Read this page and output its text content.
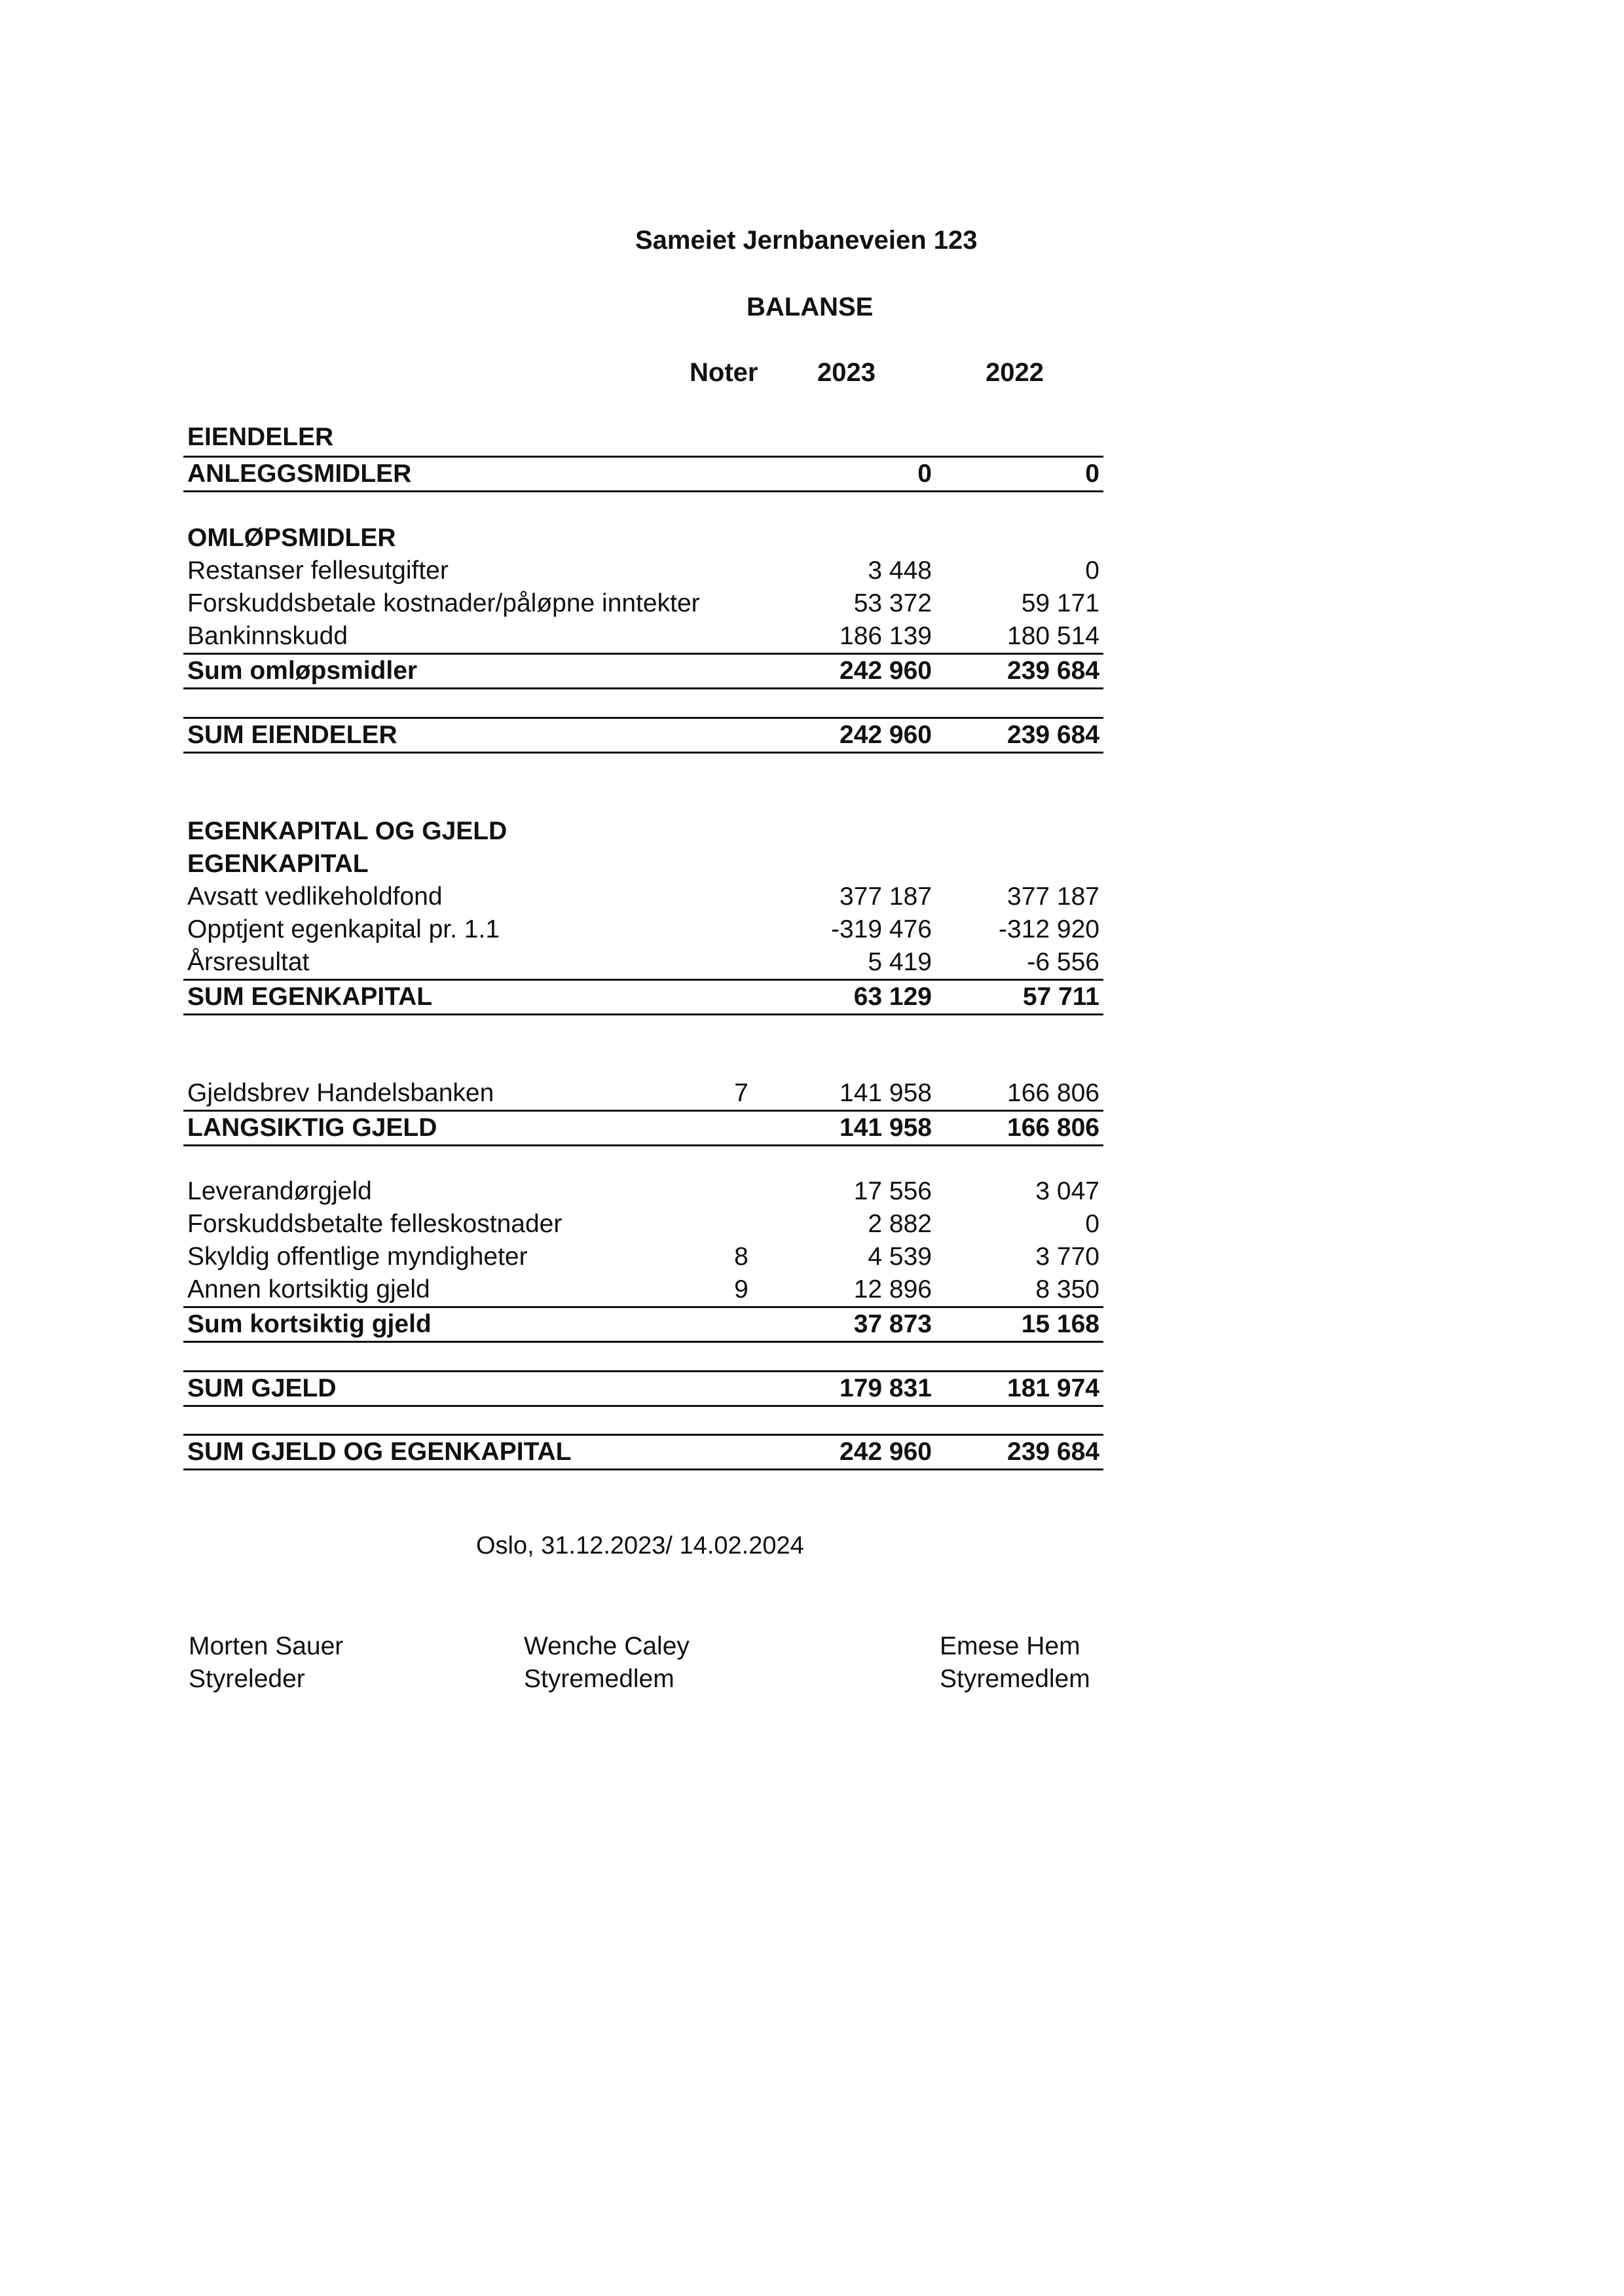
Sameiet Jernbaneveien 123
BALANSE
Noter 2023	2022
EIENDELER
ANLEGGSMIDLER	0	0
OMLØPSMIDLER
Restanser fellesutgifter	3 448	0
Forskuddsbetale kostnader/påløpne inntekter	53 372	59 171
Bankinnskudd	186 139	180 514
Sum omløpsmidler	242 960	239 684
SUM EIENDELER	242 960	239 684
EGENKAPITAL OG GJELD
EGENKAPITAL
Avsatt vedlikeholdfond	377 187	377 187
Opptjent egenkapital pr. 1.1	-319 476	-312 920
Årsresultat	5 419	-6 556
SUM EGENKAPITAL	63 129	57 711
Gjeldsbrev Handelsbanken	7	141 958	166 806
LANGSIKTIG GJELD	141 958	166 806
Leverandørgjeld	17 556	3 047
Forskuddsbetalte felleskostnader	2 882	0
Skyldig offentlige myndigheter	8	4 539	3 770
Annen kortsiktig gjeld	9	12 896	8 350
Sum kortsiktig gjeld	37 873	15 168
SUM GJELD	179 831	181 974
SUM GJELD OG EGENKAPITAL	242 960	239 684
Oslo, 31.12.2023/ 14.02.2024
Morten Sauer
Styreleder
Wenche Caley
Styremedlem
Emese Hem
Styremedlem
